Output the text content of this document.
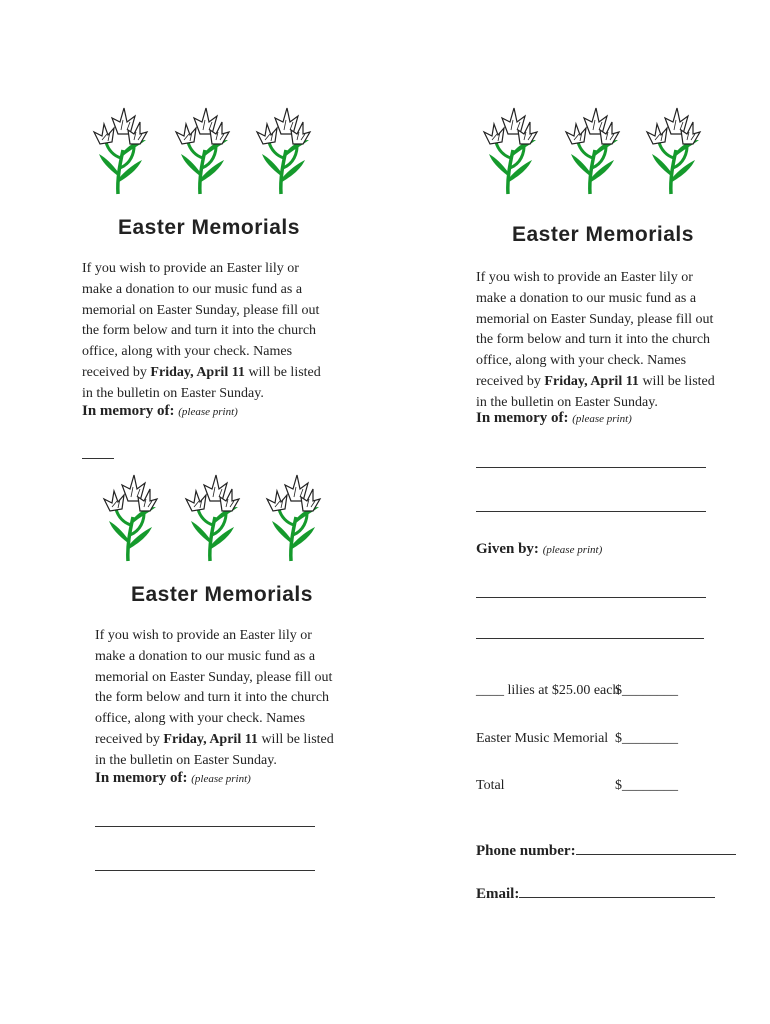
Easter Memorials
If you wish to provide an Easter lily or make a donation to our music fund as a memorial on Easter Sunday, please fill out the form below and turn it into the church office, along with your check. Names received by Friday, April 11 will be listed in the bulletin on Easter Sunday.
In memory of: (please print)
Easter Memorials
If you wish to provide an Easter lily or make a donation to our music fund as a memorial on Easter Sunday, please fill out the form below and turn it into the church office, along with your check. Names received by Friday, April 11 will be listed in the bulletin on Easter Sunday.
In memory of: (please print)
Easter Memorials
If you wish to provide an Easter lily or make a donation to our music fund as a memorial on Easter Sunday, please fill out the form below and turn it into the church office, along with your check. Names received by Friday, April 11 will be listed in the bulletin on Easter Sunday.
In memory of: (please print)
Given by: (please print)
____ lilies at $25.00 each
$________
Easter Music Memorial $________
Total	$________
Phone number:
Email:
